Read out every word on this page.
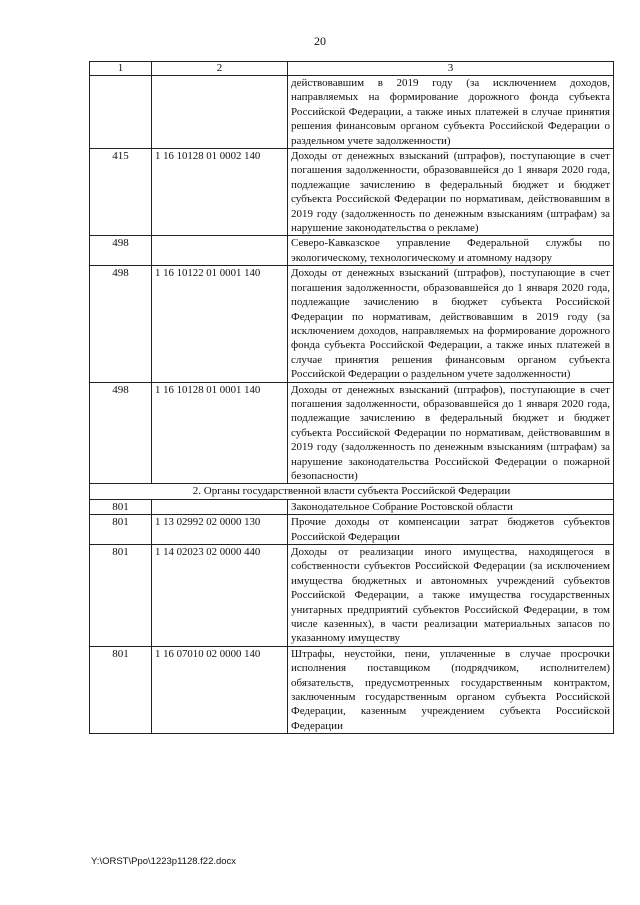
20
1	2	3
		действовавшим в 2019 году (за исключением доходов, направляемых на формирование дорожного фонда субъекта Российской Федерации, а также иных платежей в случае принятия решения финансовым органом субъекта Российской Федерации о раздельном учете задолженности)
415	1 16 10128 01 0002 140	Доходы от денежных взысканий (штрафов), поступающие в счет погашения задолженности, образовавшейся до 1 января 2020 года, подлежащие зачислению в федеральный бюджет и бюджет субъекта Российской Федерации по нормативам, действовавшим в 2019 году (задолженность по денежным взысканиям (штрафам) за нарушение законодательства о рекламе)
498		Северо-Кавказское управление Федеральной службы по экологическому, технологическому и атомному надзору
498	1 16 10122 01 0001 140	Доходы от денежных взысканий (штрафов), поступающие в счет погашения задолженности, образовавшейся до 1 января 2020 года, подлежащие зачислению в бюджет субъекта Российской Федерации по нормативам, действовавшим в 2019 году (за исключением доходов, направляемых на формирование дорожного фонда субъекта Российской Федерации, а также иных платежей в случае принятия решения финансовым органом субъекта Российской Федерации о раздельном учете задолженности)
498	1 16 10128 01 0001 140	Доходы от денежных взысканий (штрафов), поступающие в счет погашения задолженности, образовавшейся до 1 января 2020 года, подлежащие зачислению в федеральный бюджет и бюджет субъекта Российской Федерации по нормативам, действовавшим в 2019 году (задолженность по денежным взысканиям (штрафам) за нарушение законодательства Российской Федерации о пожарной безопасности)
2. Органы государственной власти субъекта Российской Федерации		
801		Законодательное Собрание Ростовской области
801	1 13 02992 02 0000 130	Прочие доходы от компенсации затрат бюджетов субъектов Российской Федерации
801	1 14 02023 02 0000 440	Доходы от реализации иного имущества, находящегося в собственности субъектов Российской Федерации (за исключением имущества бюджетных и автономных учреждений субъектов Российской Федерации, а также имущества государственных унитарных предприятий субъектов Российской Федерации, в том числе казенных), в части реализации материальных запасов по указанному имуществу
801	1 16 07010 02 0000 140	Штрафы, неустойки, пени, уплаченные в случае просрочки исполнения поставщиком (подрядчиком, исполнителем) обязательств, предусмотренных государственным контрактом, заключенным государственным органом субъекта Российской Федерации, казенным учреждением субъекта Российской Федерации
Y:\ORST\Ppo\1223p1128.f22.docx
